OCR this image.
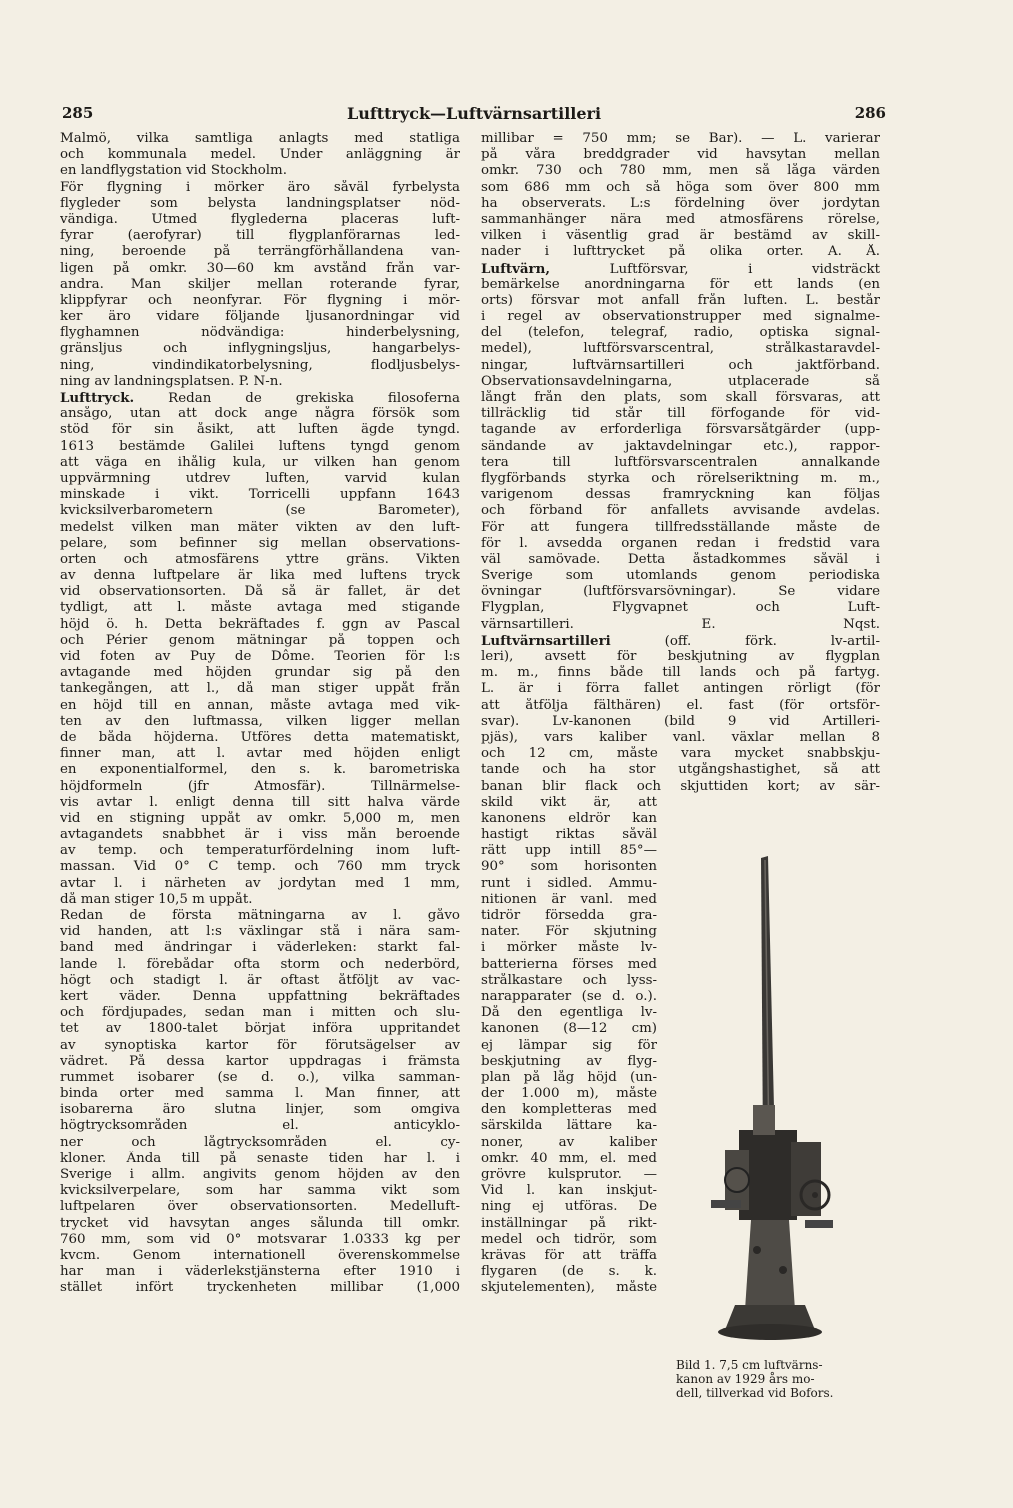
285	Lufttryck—Luftvärnsartilleri	286
Malmö, vilka samtliga anlagts med statliga
och kommunala medel. Under anläggning är
en landflygstation vid Stockholm.
För flygning i mörker äro såväl fyrbelysta
flygleder som belysta landningsplatser nöd-
vändiga. Utmed flyglederna placeras luft-
fyrar (aerofyrar) till flygplanförarnas led-
ning, beroende på terrängförhållandena van-
ligen på omkr. 30—60 km avstånd från var-
andra. Man skiljer mellan roterande fyrar,
klippfyrar och neonfyrar. För flygning i mör-
ker äro vidare följande ljusanordningar vid
flyghamnen nödvändiga: hinderbelysning,
gränsljus och inflygningsljus, hangarbelys-
ning, vindindikatorbelysning, flodljusbelys-
ning av landningsplatsen. P. N-n.
Lufttryck. Redan de grekiska filosoferna
ansågo, utan att dock ange några försök som
stöd för sin åsikt, att luften ägde tyngd.
1613 bestämde Galilei luftens tyngd genom
att väga en ihålig kula, ur vilken han genom
uppvärmning utdrev luften, varvid kulan
minskade i vikt. Torricelli uppfann 1643
kvicksilverbarometern (se Barometer),
medelst vilken man mäter vikten av den luft-
pelare, som befinner sig mellan observations-
orten och atmosfärens yttre gräns. Vikten
av denna luftpelare är lika med luftens tryck
vid observationsorten. Då så är fallet, är det
tydligt, att l. måste avtaga med stigande
höjd ö. h. Detta bekräftades f. ggn av Pascal
och Périer genom mätningar på toppen och
vid foten av Puy de Dôme. Teorien för l:s
avtagande med höjden grundar sig på den
tankegången, att l., då man stiger uppåt från
en höjd till en annan, måste avtaga med vik-
ten av den luftmassa, vilken ligger mellan
de båda höjderna. Utföres detta matematiskt,
finner man, att l. avtar med höjden enligt
en exponentialformel, den s. k. barometriska
höjdformeln (jfr Atmosfär). Tillnärmelse-
vis avtar l. enligt denna till sitt halva värde
vid en stigning uppåt av omkr. 5,000 m, men
avtagandets snabbhet är i viss mån beroende
av temp. och temperaturfördelning inom luft-
massan. Vid 0° C temp. och 760 mm tryck
avtar l. i närheten av jordytan med 1 mm,
då man stiger 10,5 m uppåt.
Redan de första mätningarna av l. gåvo
vid handen, att l:s växlingar stå i nära sam-
band med ändringar i väderleken: starkt fal-
lande l. förebådar ofta storm och nederbörd,
högt och stadigt l. är oftast åtföljt av vac-
kert väder. Denna uppfattning bekräftades
och fördjupades, sedan man i mitten och slu-
tet av 1800-talet börjat införa uppritandet
av synoptiska kartor för förutsägelser av
vädret. På dessa kartor uppdragas i främsta
rummet isobarer (se d. o.), vilka samman-
binda orter med samma l. Man finner, att
isobarerna äro slutna linjer, som omgiva
högtrycksområden el. anticyklo-
ner och lågtrycksområden el. cy-
kloner. Ända till på senaste tiden har l. i
Sverige i allm. angivits genom höjden av den
kvicksilverpelare, som har samma vikt som
luftpelaren över observationsorten. Medelluft-
trycket vid havsytan anges sålunda till omkr.
760 mm, som vid 0° motsvarar 1.0333 kg per
kvcm. Genom internationell överenskommelse
har man i väderlekstjänsterna efter 1910 i
stället infört tryckenheten millibar (1,000
millibar = 750 mm; se Bar). — L. varierar
på våra breddgrader vid havsytan mellan
omkr. 730 och 780 mm, men så låga värden
som 686 mm och så höga som över 800 mm
ha observerats. L:s fördelning över jordytan
sammanhänger nära med atmosfärens rörelse,
vilken i väsentlig grad är bestämd av skill-
nader i lufttrycket på olika orter. A. Å.
Luftvärn, Luftförsvar, i vidsträckt
bemärkelse anordningarna för ett lands (en
orts) försvar mot anfall från luften. L. består
i regel av observationstrupper med signalme-
del (telefon, telegraf, radio, optiska signal-
medel), luftförsvarscentral, strålkastaravdel-
ningar, luftvärnsartilleri och jaktförband.
Observationsavdelningarna, utplacerade så
långt från den plats, som skall försvaras, att
tillräcklig tid står till förfogande för vid-
tagande av erforderliga försvarsåtgärder (upp-
sändande av jaktavdelningar etc.), rappor-
tera till luftförsvarscentralen annalkande
flygförbands styrka och rörelseriktning m. m.,
varigenom dessas framryckning kan följas
och förband för anfallets avvisande avdelas.
För att fungera tillfredsställande måste de
för l. avsedda organen redan i fredstid vara
väl samövade. Detta åstadkommes såväl i
Sverige som utomlands genom periodiska
övningar (luftförsvarsövningar). Se vidare
Flygplan, Flygvapnet och Luft-
värnsartilleri. E. Nqst.
Luftvärnsartilleri (off. förk. lv-artil-
leri), avsett för beskjutning av flygplan
m. m., finns både till lands och på fartyg.
L. är i förra fallet antingen rörligt (för
att åtfölja fälthären) el. fast (för ortsför-
svar). Lv-kanonen (bild 9 vid Artilleri-
pjäs), vars kaliber vanl. växlar mellan 8
och 12 cm, måste vara mycket snabbskju-
tande och ha stor utgångshastighet, så att
banan blir flack och skjuttiden kort; av sär-
skild vikt är, att
kanonens eldrör kan
hastigt riktas såväl
rätt upp intill 85°—
90° som horisonten
runt i sidled. Ammu-
nitionen är vanl. med
tidrör försedda gra-
nater. För skjutning
i mörker måste lv-
batterierna förses med
strålkastare och lyss-
narapparater (se d. o.).
Då den egentliga lv-
kanonen (8—12 cm)
ej lämpar sig för
beskjutning av flyg-
plan på låg höjd (un-
der 1.000 m), måste
den kompletteras med
särskilda lättare ka-
noner, av kaliber
omkr. 40 mm, el. med
grövre kulsprutor. —
Vid l. kan inskjut-
ning ej utföras. De
inställningar på rikt-
medel och tidrör, som
krävas för att träffa
flygaren (de s. k.
skjutelementen), måste
Bild 1. 7,5 cm luftvärns-
kanon av 1929 års mo-
dell, tillverkad vid Bofors.
